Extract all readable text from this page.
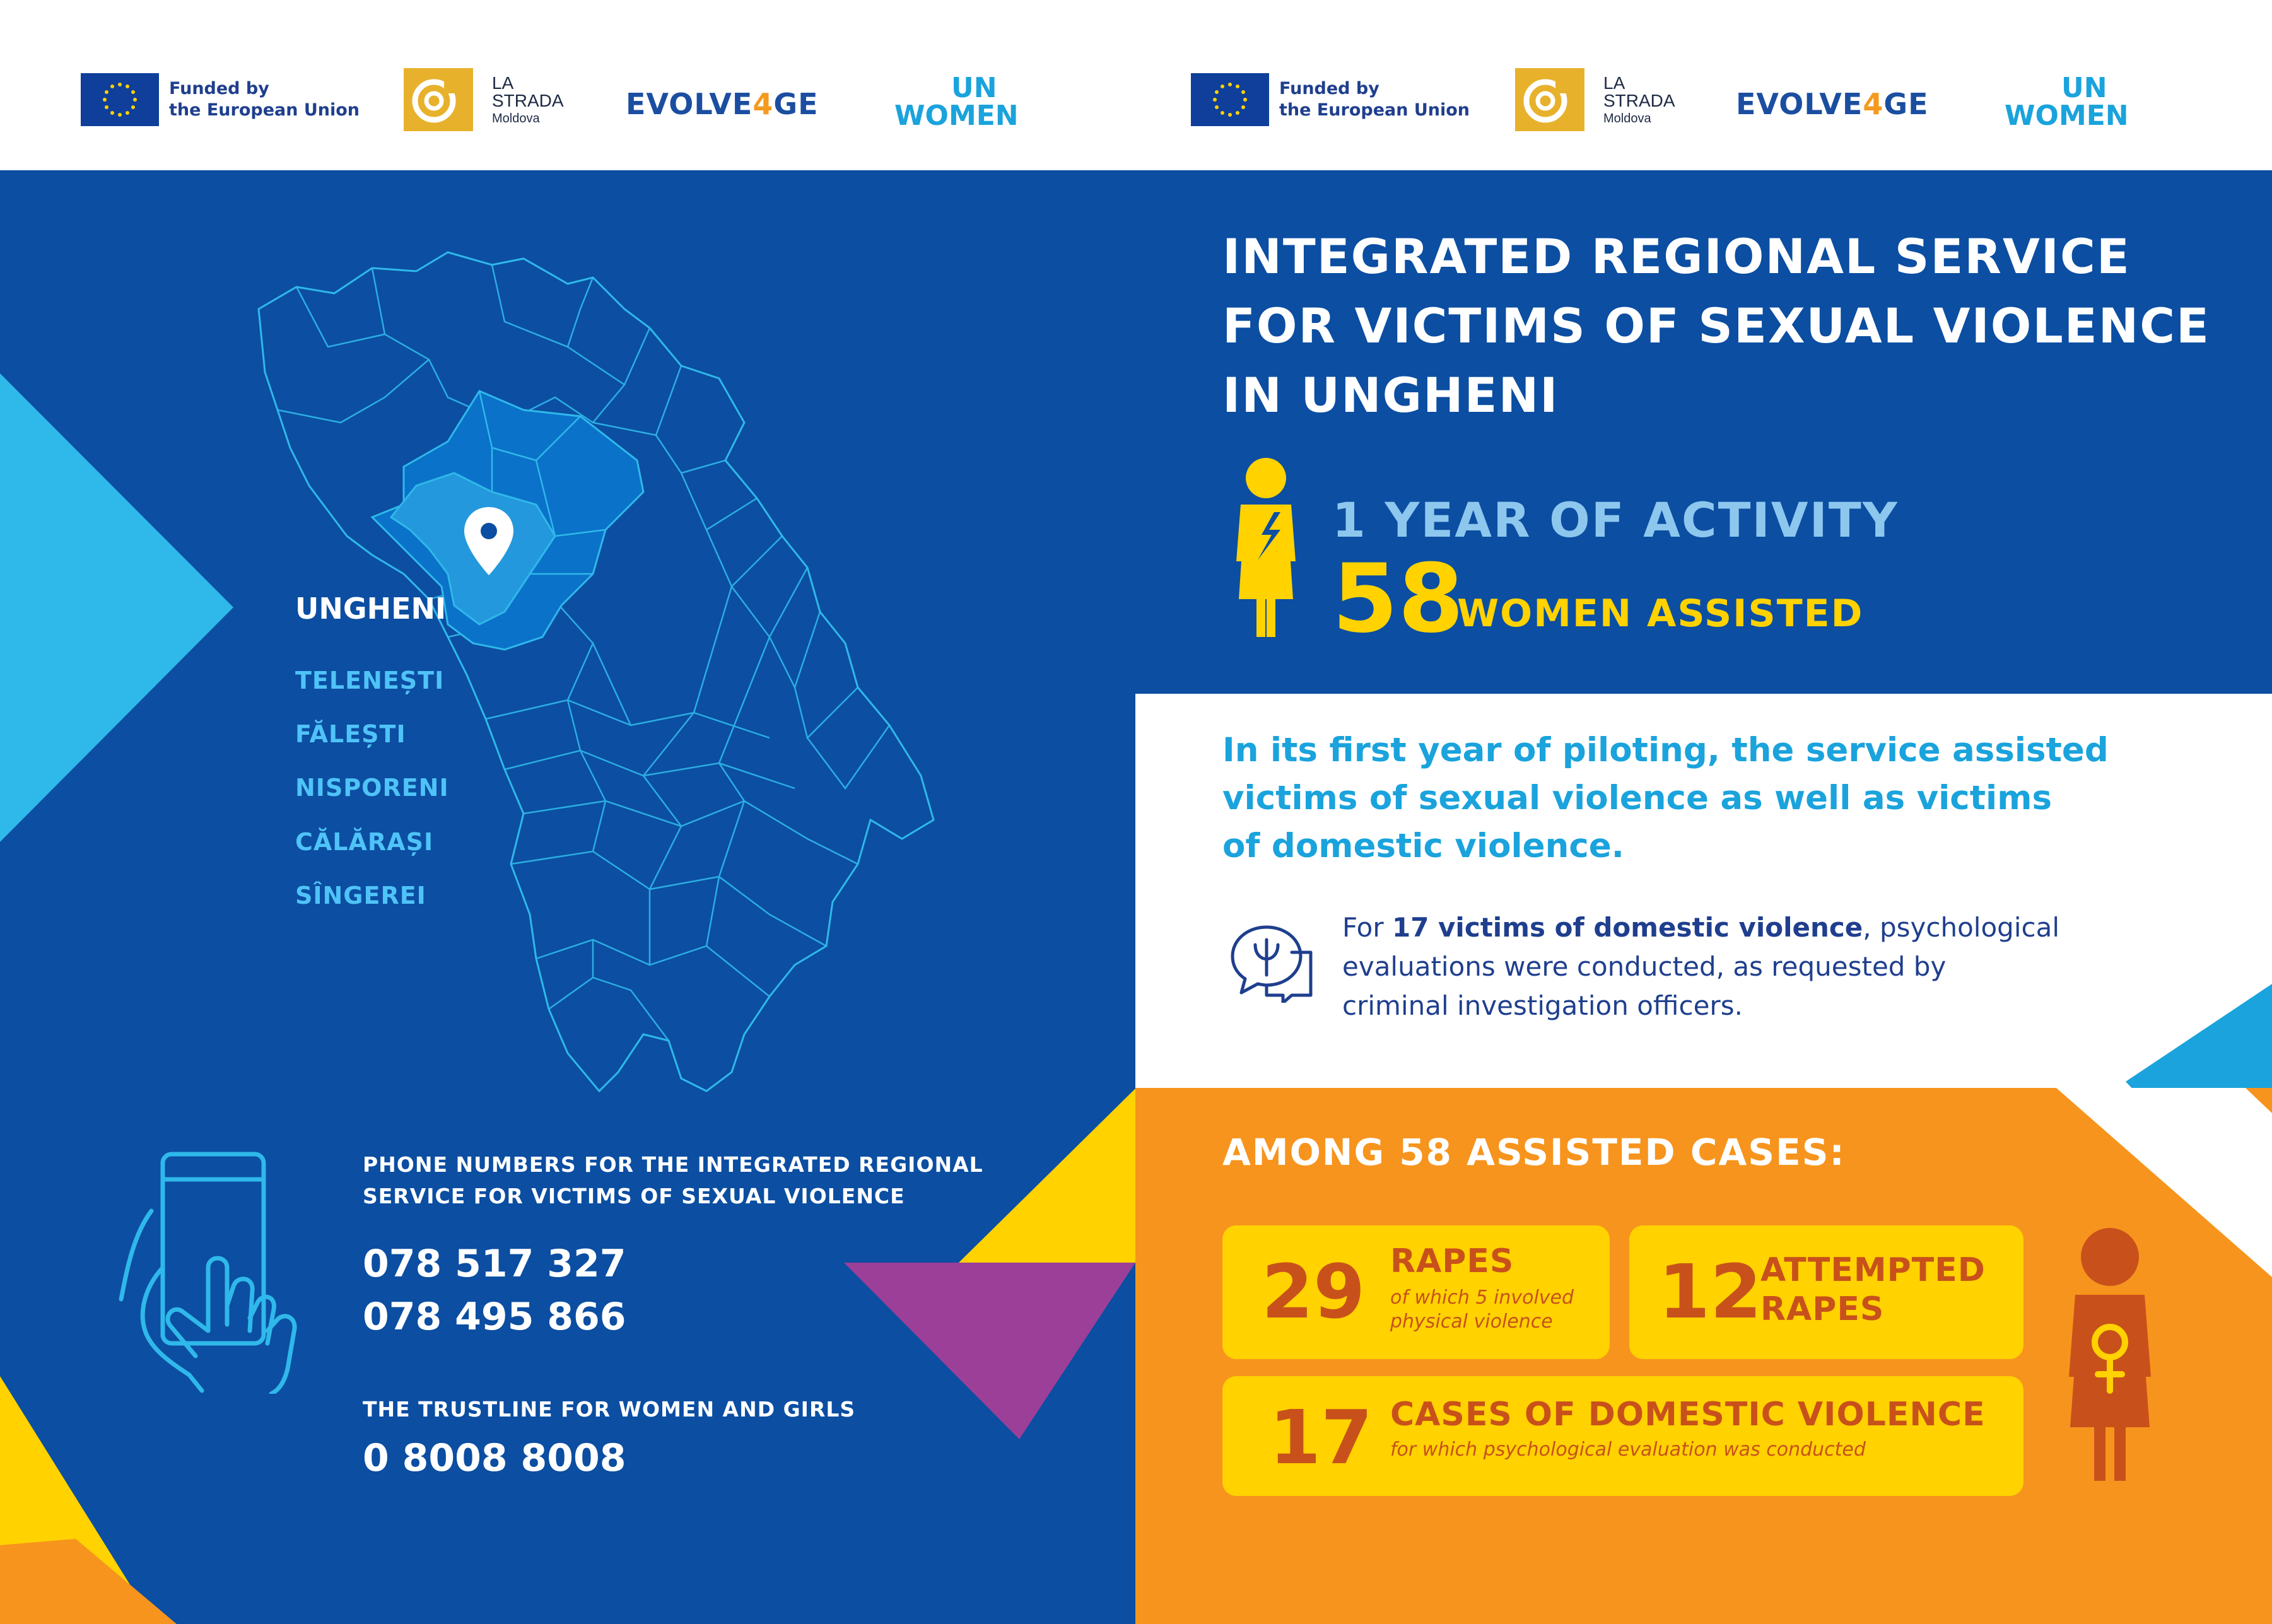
Funded by
the European Union
LA
STRADA
Moldova	EVOLVE4GE	UN
WOMEN
Funded by
the European Union
LA
STRADA
Moldova	EVOLVE4GE	UN
WOMEN
UNGHENI
TELENEȘTI
FĂLEȘTI
NISPORENI
CĂLĂRAȘI
SÎNGEREI
PHONE NUMBERS FOR THE INTEGRATED REGIONAL
SERVICE FOR VICTIMS OF SEXUAL VIOLENCE
078 517 327
078 495 866
THE TRUSTLINE FOR WOMEN AND GIRLS
0 8008 8008
INTEGRATED REGIONAL SERVICE
FOR VICTIMS OF SEXUAL VIOLENCE
IN UNGHENI
1 YEAR OF ACTIVITY
58
WOMEN ASSISTED
In its first year of piloting, the service assisted
victims of sexual violence as well as victims
of domestic violence.
For 17 victims of domestic violence, psychological
evaluations were conducted, as requested by
criminal investigation officers.
AMONG 58 ASSISTED CASES:
29 RAPES
of which 5 involved
physical violence 12
ATTEMPTED
RAPES
17 CASES OF DOMESTIC VIOLENCE
for which psychological evaluation was conducted
